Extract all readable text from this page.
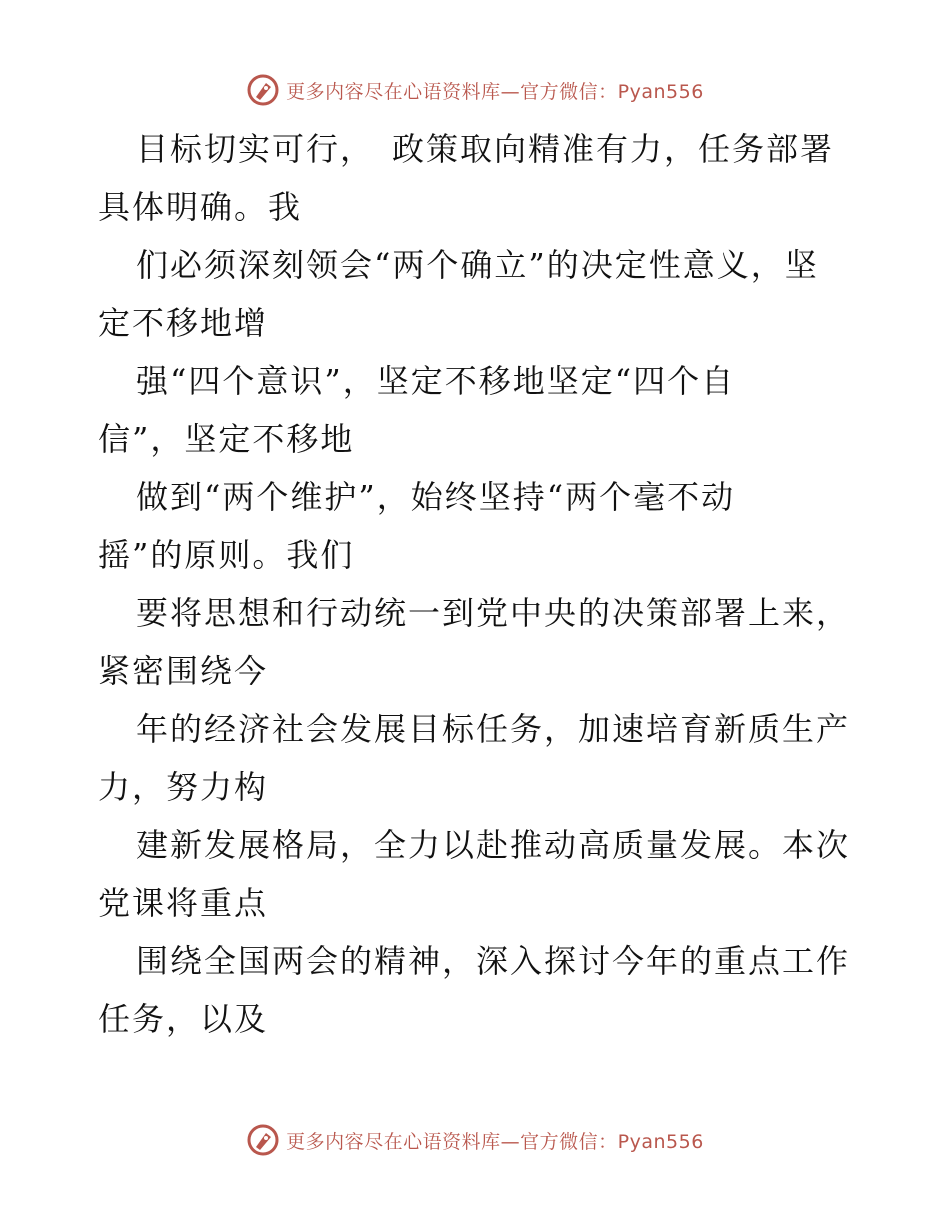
更多内容尽在心语资料库—官方微信：Pyan556

目标切实可行，　政策取向精准有力，任务部署
具体明确。我

们必须深刻领会“两个确立”的决定性意义，坚
定不移地增

强“四个意识”，坚定不移地坚定“四个自
信”，坚定不移地

做到“两个维护”，始终坚持“两个毫不动
摇”的原则。我们

要将思想和行动统一到党中央的决策部署上来，
紧密围绕今

年的经济社会发展目标任务，加速培育新质生产
力，努力构

建新发展格局，全力以赴推动高质量发展。本次
党课将重点

围绕全国两会的精神，深入探讨今年的重点工作
任务，以及

更多内容尽在心语资料库—官方微信：Pyan556
